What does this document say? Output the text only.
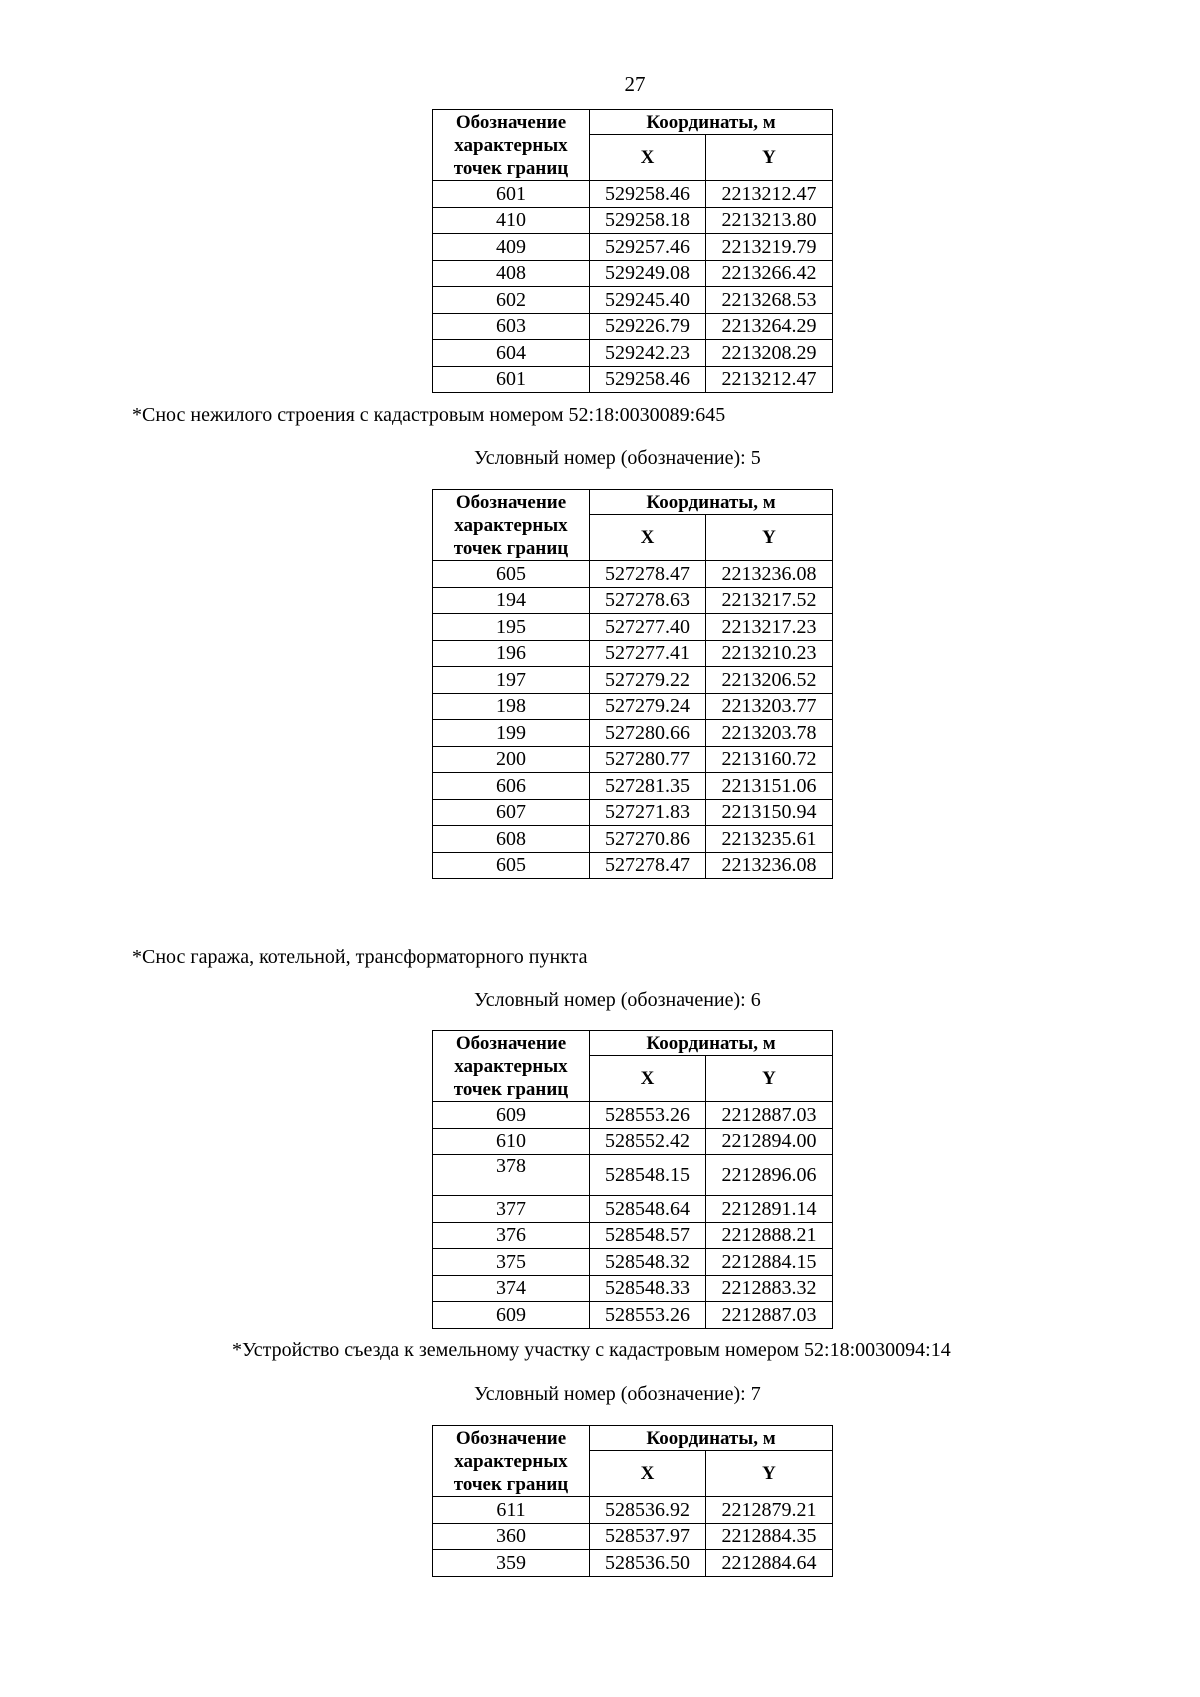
27
Обозначение характерных точек границ	Координаты, м	
	X	Y
601	529258.46	2213212.47
410	529258.18	2213213.80
409	529257.46	2213219.79
408	529249.08	2213266.42
602	529245.40	2213268.53
603	529226.79	2213264.29
604	529242.23	2213208.29
601	529258.46	2213212.47
*Снос нежилого строения с кадастровым номером 52:18:0030089:645
Условный номер (обозначение): 5
Обозначение характерных точек границ	Координаты, м	
	X	Y
605	527278.47	2213236.08
194	527278.63	2213217.52
195	527277.40	2213217.23
196	527277.41	2213210.23
197	527279.22	2213206.52
198	527279.24	2213203.77
199	527280.66	2213203.78
200	527280.77	2213160.72
606	527281.35	2213151.06
607	527271.83	2213150.94
608	527270.86	2213235.61
605	527278.47	2213236.08
*Снос гаража, котельной, трансформаторного пункта
Условный номер (обозначение): 6
Обозначение характерных точек границ	Координаты, м	
	X	Y
609	528553.26	2212887.03
610	528552.42	2212894.00
378	528548.15	2212896.06
377	528548.64	2212891.14
376	528548.57	2212888.21
375	528548.32	2212884.15
374	528548.33	2212883.32
609	528553.26	2212887.03
*Устройство съезда к земельному участку с кадастровым номером 52:18:0030094:14
Условный номер (обозначение): 7
Обозначение характерных точек границ	Координаты, м	
	X	Y
611	528536.92	2212879.21
360	528537.97	2212884.35
359	528536.50	2212884.64
